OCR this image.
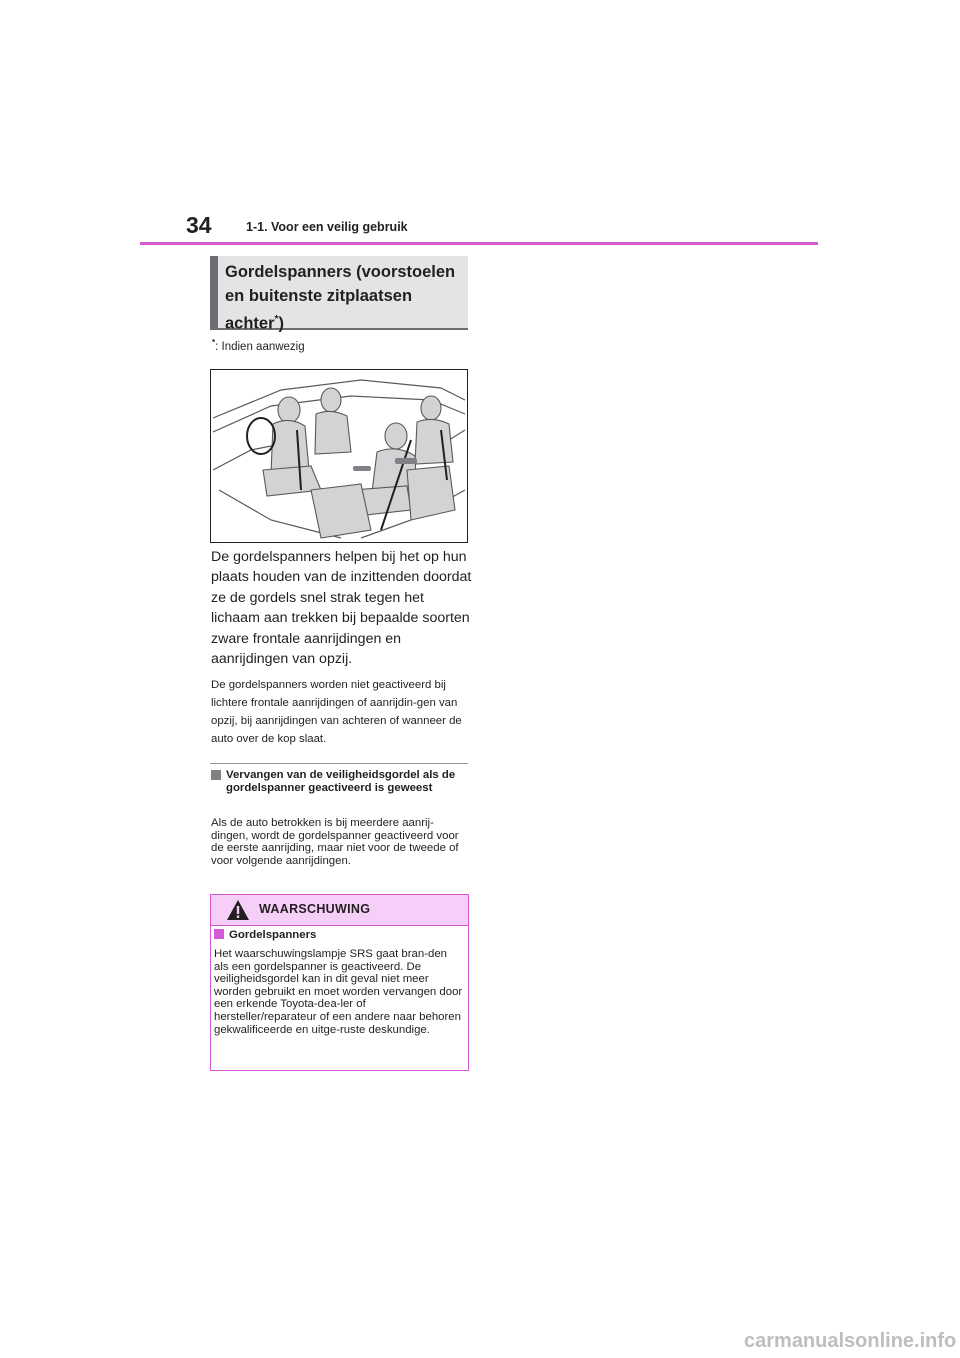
34	1-1. Voor een veilig gebruik
Gordelspanners (voorstoelen
en buitenste zitplaatsen
achter*)
*: Indien aanwezig
De gordelspanners helpen bij het op hun plaats houden van de inzittenden doordat ze de gordels snel strak tegen het lichaam aan trekken bij bepaalde soorten zware frontale aanrijdingen en aanrijdingen van opzij.
De gordelspanners worden niet geactiveerd bij lichtere frontale aanrijdingen of aanrijdin-gen van opzij, bij aanrijdingen van achteren of wanneer de auto over de kop slaat.
Vervangen van de veiligheidsgordel als de gordelspanner geactiveerd is geweest
Als de auto betrokken is bij meerdere aanrij-dingen, wordt de gordelspanner geactiveerd voor de eerste aanrijding, maar niet voor de tweede of voor volgende aanrijdingen.
WAARSCHUWING
Gordelspanners
Het waarschuwingslampje SRS gaat bran-den als een gordelspanner is geactiveerd. De veiligheidsgordel kan in dit geval niet meer worden gebruikt en moet worden vervangen door een erkende Toyota-dea-ler of hersteller/reparateur of een andere naar behoren gekwalificeerde en uitge-ruste deskundige.
carmanualsonline.info
